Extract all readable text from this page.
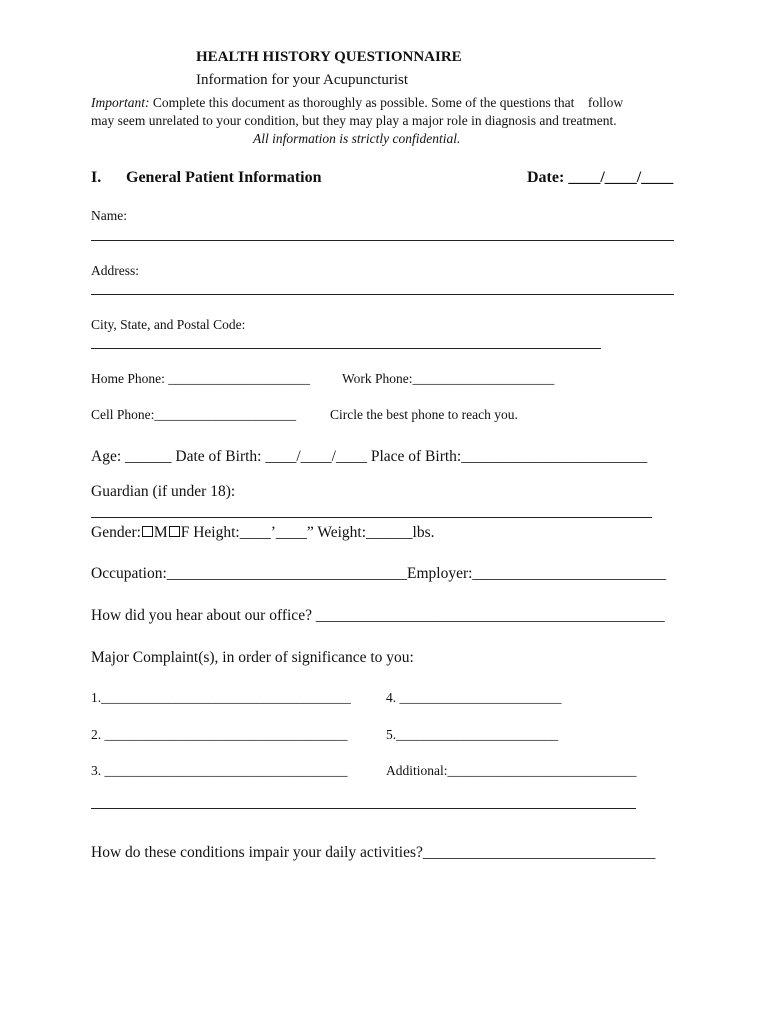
HEALTH HISTORY QUESTIONNAIRE
Information for your Acupuncturist
Important: Complete this document as thoroughly as possible. Some of the questions that    follow
may seem unrelated to your condition, but they may play a major role in diagnosis and treatment.
All information is strictly confidential.
I. General Patient Information	Date: ____/____/____
Name:
Address:
City, State, and Postal Code:
Home Phone: _____________________ Work Phone:_____________________
Cell Phone:_____________________	Circle the best phone to reach you.
Age: ______ Date of Birth: ____/____/____ Place of Birth:________________________
Guardian (if under 18):
Gender: M F Height:____’____” Weight:______lbs.
Occupation:_______________________________Employer:_________________________
How did you hear about our office? _____________________________________________
Major Complaint(s), in order of significance to you:
1._____________________________________	4. ________________________
2. ____________________________________	5.________________________
3. ____________________________________	Additional:____________________________
How do these conditions impair your daily activities?______________________________
